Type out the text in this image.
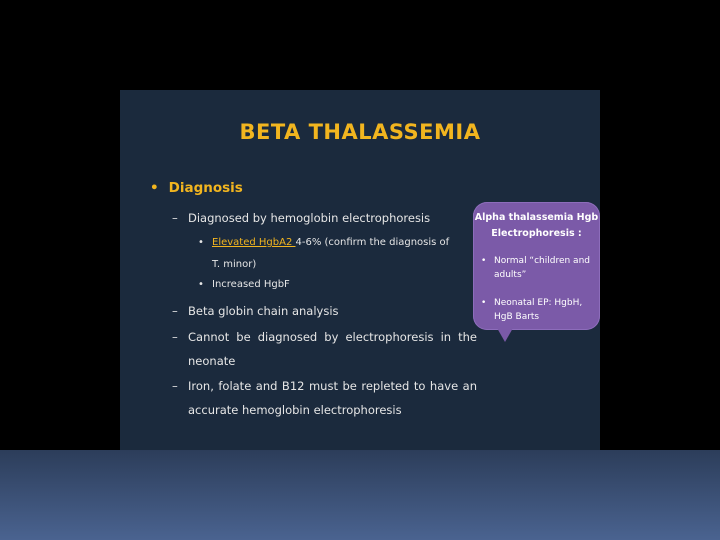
BETA THALASSEMIA
• Diagnosis
– Diagnosed by hemoglobin electrophoresis
• Elevated HgbA2 4-6% (confirm the diagnosis of T. minor)
• Increased HgbF
– Beta globin chain analysis
– Cannot be diagnosed by electrophoresis in the neonate
– Iron, folate and B12 must be repleted to have an accurate hemoglobin electrophoresis
Alpha thalassemia Hgb Electrophoresis :
• Normal “children and adults”
• Neonatal EP: HgbH, HgB Barts
